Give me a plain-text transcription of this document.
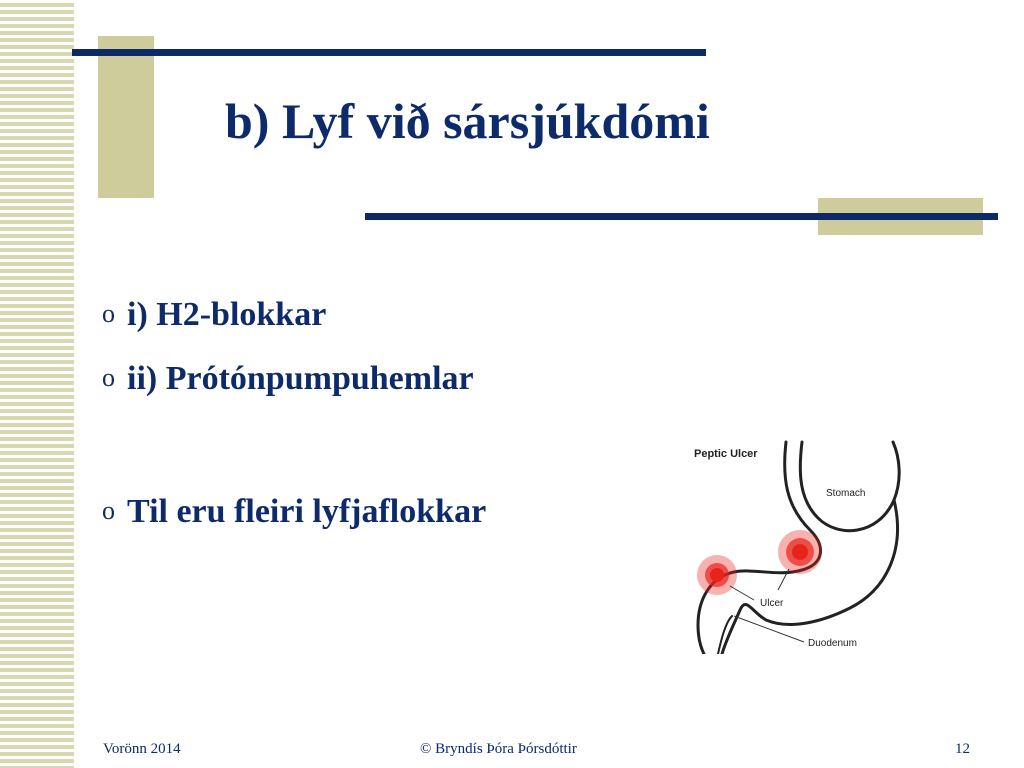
b) Lyf við sársjúkdómi
o i) H2-blokkar
o ii) Prótónpumpuhemlar
o Til eru fleiri lyfjaflokkar
Peptic Ulcer
Stomach
Ulcer
Duodenum
Vorönn 2014	© Bryndís Þóra Þórsdóttir	12
